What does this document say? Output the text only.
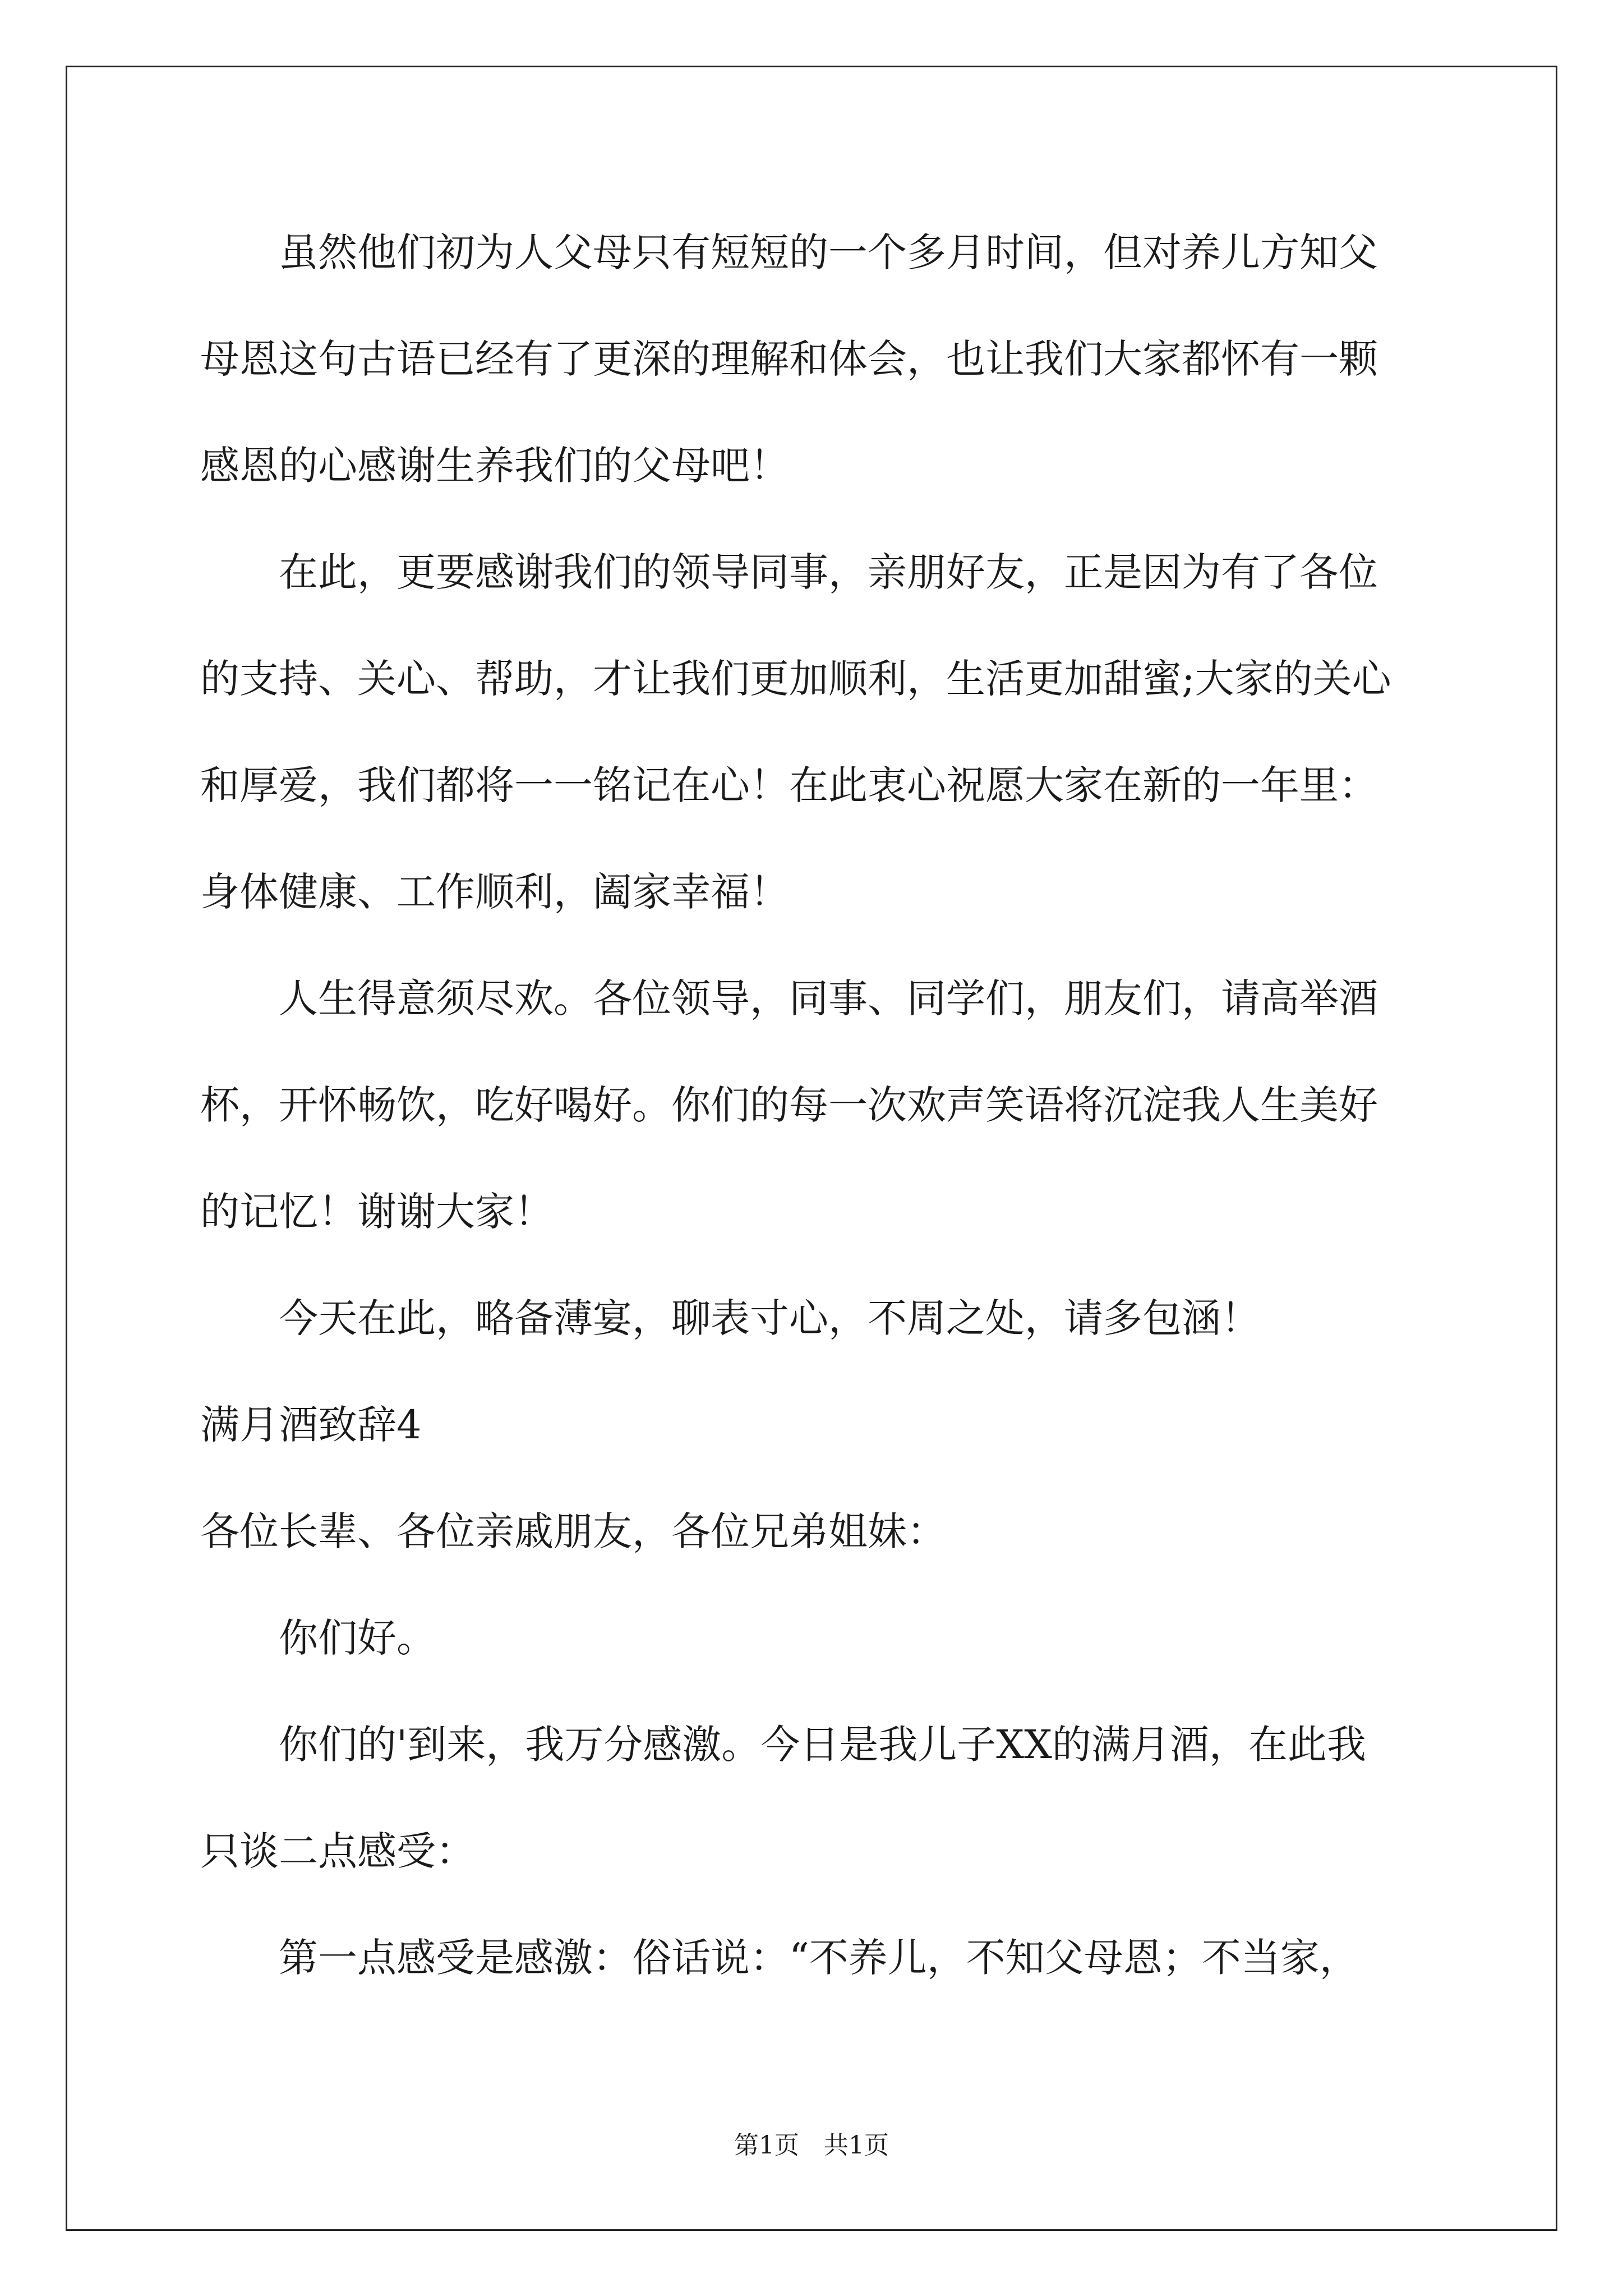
　　虽然他们初为人父母只有短短的一个多月时间，但对养儿方知父
母恩这句古语已经有了更深的理解和体会，也让我们大家都怀有一颗
感恩的心感谢生养我们的父母吧！
　　在此，更要感谢我们的领导同事，亲朋好友，正是因为有了各位
的支持、关心、帮助，才让我们更加顺利，生活更加甜蜜;大家的关心
和厚爱，我们都将一一铭记在心！在此衷心祝愿大家在新的一年里：
身体健康、工作顺利，阖家幸福！
　　人生得意须尽欢。各位领导，同事、同学们，朋友们，请高举酒
杯，开怀畅饮，吃好喝好。你们的每一次欢声笑语将沉淀我人生美好
的记忆！谢谢大家！
　　今天在此，略备薄宴，聊表寸心，不周之处，请多包涵！
满月酒致辞4
各位长辈、各位亲戚朋友，各位兄弟姐妹：
　　你们好。
　　你们的'到来，我万分感激。今日是我儿子XX的满月酒，在此我
只谈二点感受：
　　第一点感受是感激：俗话说：“不养儿，不知父母恩；不当家，
第1页　共1页
